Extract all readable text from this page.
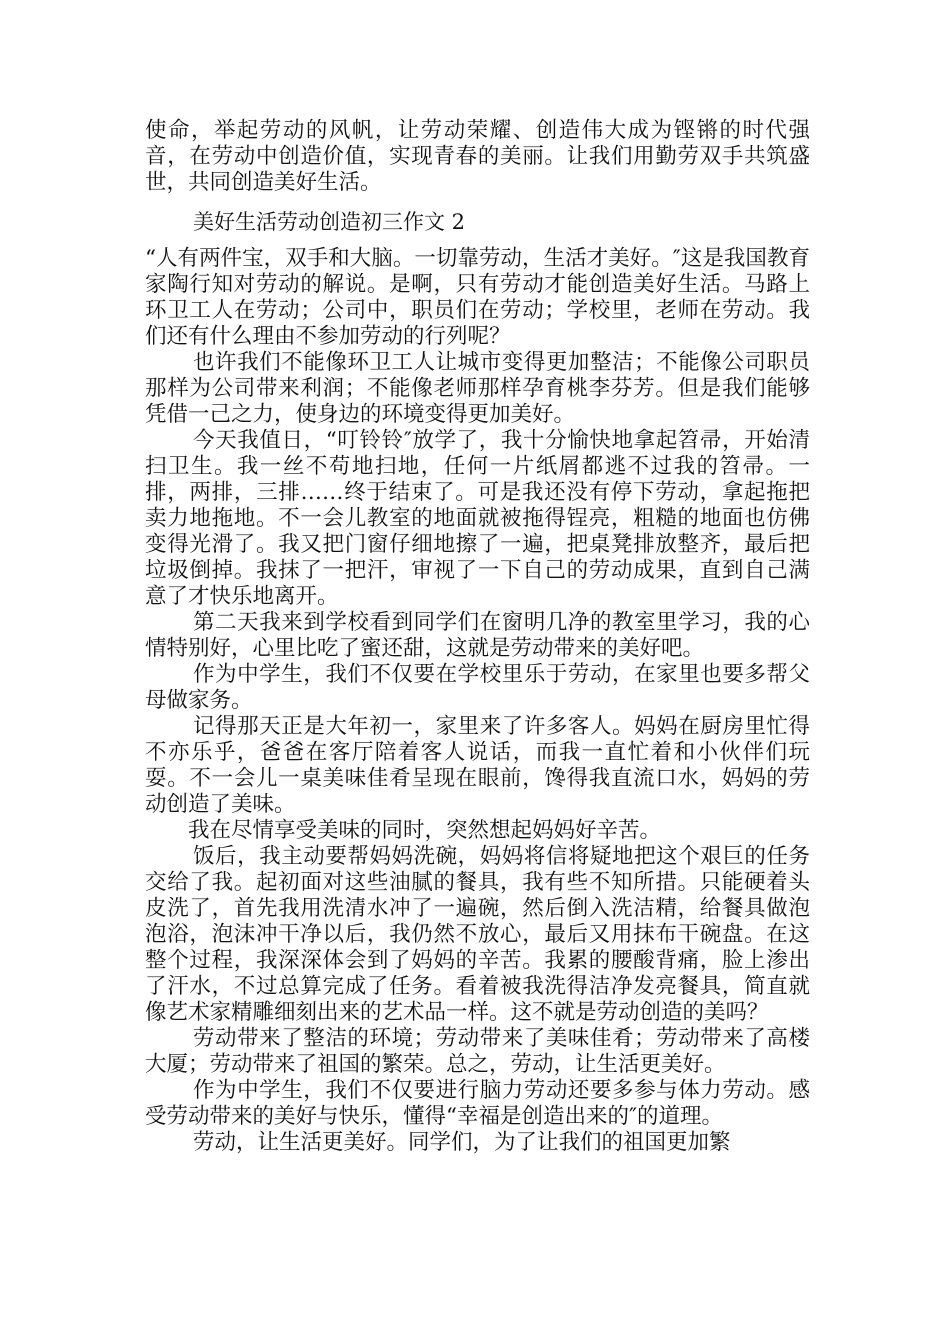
使命，举起劳动的风帆，让劳动荣耀、创造伟大成为铿锵的时代强音，在劳动中创造价值，实现青春的美丽。让我们用勤劳双手共筑盛世，共同创造美好生活。

美好生活劳动创造初三作文 2

“人有两件宝，双手和大脑。一切靠劳动，生活才美好。″这是我国教育家陶行知对劳动的解说。是啊，只有劳动才能创造美好生活。马路上环卫工人在劳动；公司中，职员们在劳动；学校里，老师在劳动。我们还有什么理由不参加劳动的行列呢？

也许我们不能像环卫工人让城市变得更加整洁；不能像公司职员那样为公司带来利润；不能像老师那样孕育桃李芬芳。但是我们能够凭借一己之力，使身边的环境变得更加美好。

今天我值日，“叮铃铃″放学了，我十分愉快地拿起笤帚，开始清扫卫生。我一丝不苟地扫地，任何一片纸屑都逃不过我的笤帚。一排，两排，三排……终于结束了。可是我还没有停下劳动，拿起拖把卖力地拖地。不一会儿教室的地面就被拖得锃亮，粗糙的地面也仿佛变得光滑了。我又把门窗仔细地擦了一遍，把桌凳排放整齐，最后把垃圾倒掉。我抹了一把汗，审视了一下自己的劳动成果，直到自己满意了才快乐地离开。

第二天我来到学校看到同学们在窗明几净的教室里学习，我的心情特别好，心里比吃了蜜还甜，这就是劳动带来的美好吧。

作为中学生，我们不仅要在学校里乐于劳动，在家里也要多帮父母做家务。

记得那天正是大年初一，家里来了许多客人。妈妈在厨房里忙得不亦乐乎，爸爸在客厅陪着客人说话，而我一直忙着和小伙伴们玩耍。不一会儿一桌美味佳肴呈现在眼前，馋得我直流口水，妈妈的劳动创造了美味。

我在尽情享受美味的同时，突然想起妈妈好辛苦。

饭后，我主动要帮妈妈洗碗，妈妈将信将疑地把这个艰巨的任务交给了我。起初面对这些油腻的餐具，我有些不知所措。只能硬着头皮洗了，首先我用洗清水冲了一遍碗，然后倒入洗洁精，给餐具做泡泡浴，泡沫冲干净以后，我仍然不放心，最后又用抹布干碗盘。在这整个过程，我深深体会到了妈妈的辛苦。我累的腰酸背痛，脸上渗出了汗水，不过总算完成了任务。看着被我洗得洁净发亮餐具，简直就像艺术家精雕细刻出来的艺术品一样。这不就是劳动创造的美吗？

劳动带来了整洁的环境；劳动带来了美味佳肴；劳动带来了高楼大厦；劳动带来了祖国的繁荣。总之，劳动，让生活更美好。

作为中学生，我们不仅要进行脑力劳动还要多参与体力劳动。感受劳动带来的美好与快乐，懂得“幸福是创造出来的″的道理。

劳动，让生活更美好。同学们，为了让我们的祖国更加繁
